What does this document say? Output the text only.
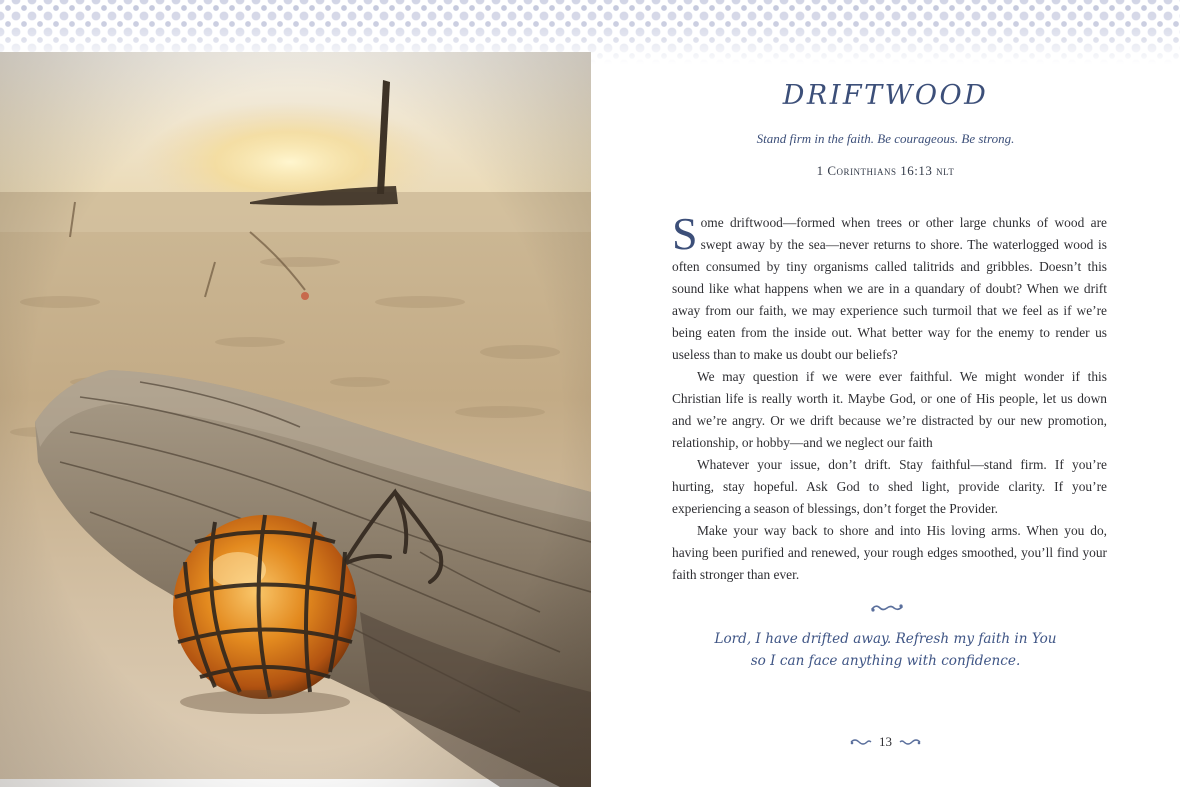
DRIFTWOOD
Stand firm in the faith. Be courageous. Be strong.
1 Corinthians 16:13 nlt

Some driftwood—formed when trees or other large chunks of wood are swept away by the sea—never returns to shore. The waterlogged wood is often consumed by tiny organisms called talitrids and gribbles. Doesn’t this sound like what happens when we are in a quandary of doubt? When we drift away from our faith, we may experience such turmoil that we feel as if we’re being eaten from the inside out. What better way for the enemy to render us useless than to make us doubt our beliefs?

We may question if we were ever faithful. We might wonder if this Christian life is really worth it. Maybe God, or one of His people, let us down and we’re angry. Or we drift because we’re distracted by our new promotion, relationship, or hobby—and we neglect our faith

Whatever your issue, don’t drift. Stay faithful—stand firm. If you’re hurting, stay hopeful. Ask God to shed light, provide clarity. If you’re experiencing a season of blessings, don’t forget the Provider.

Make your way back to shore and into His loving arms. When you do, having been purified and renewed, your rough edges smoothed, you’ll find your faith stronger than ever.

Lord, I have drifted away. Refresh my faith in You
so I can face anything with confidence.
13
